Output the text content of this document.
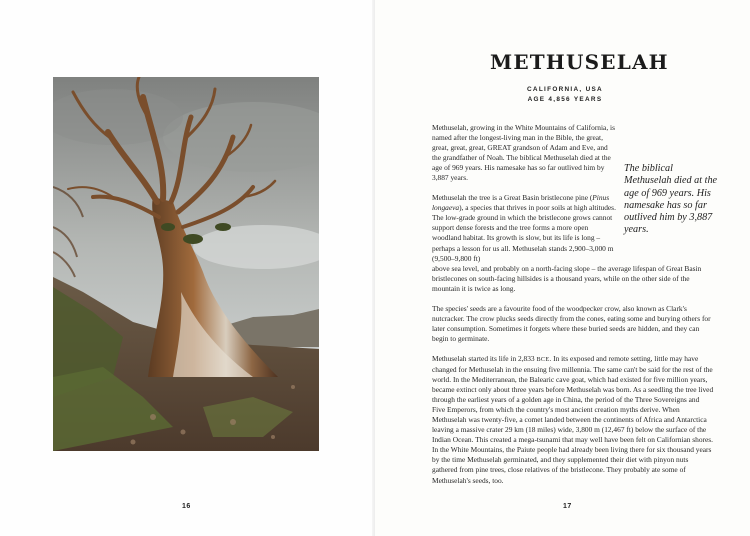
16
METHUSELAH
CALIFORNIA, USA
AGE 4,856 YEARS

Methuselah, growing in the White Mountains of California, is named after the longest-living man in the Bible, the great, great, great, great, GREAT grandson of Adam and Eve, and the grandfather of Noah. The biblical Methuselah died at the age of 969 years. His namesake has so far outlived him by 3,887 years.

Methuselah the tree is a Great Basin bristlecone pine (Pinus longaeva), a species that thrives in poor soils at high altitudes. The low-grade ground in which the bristlecone grows cannot support dense forests and the tree forms a more open woodland habitat. Its growth is slow, but its life is long – perhaps a lesson for us all. Methuselah stands 2,900–3,000 m (9,500–9,800 ft)
above sea level, and probably on a north-facing slope – the average lifespan of Great Basin bristlecones on south-facing hillsides is a thousand years, while on the other side of the mountain it is twice as long.

The species' seeds are a favourite food of the woodpecker crow, also known as Clark's nutcracker. The crow plucks seeds directly from the cones, eating some and burying others for later consumption. Sometimes it forgets where these buried seeds are hidden, and they can begin to germinate.

Methuselah started its life in 2,833 BCE. In its exposed and remote setting, little may have changed for Methuselah in the ensuing five millennia. The same can't be said for the rest of the world. In the Mediterranean, the Balearic cave goat, which had existed for five million years, became extinct only about three years before Methuselah was born. As a seedling the tree lived through the earliest years of a golden age in China, the period of the Three Sovereigns and Five Emperors, from which the country's most ancient creation myths derive. When Methuselah was twenty-five, a comet landed between the continents of Africa and Antarctica leaving a massive crater 29 km (18 miles) wide, 3,800 m (12,467 ft) below the surface of the Indian Ocean. This created a mega-tsunami that may well have been felt on Californian shores. In the White Mountains, the Paiute people had already been living there for six thousand years by the time Methuselah germinated, and they supplemented their diet with pinyon nuts gathered from pine trees, close relatives of the bristlecone. They probably ate some of Methuselah's seeds, too.

The biblical Methuselah died at the age of 969 years. His namesake has so far outlived him by 3,887 years.
17
